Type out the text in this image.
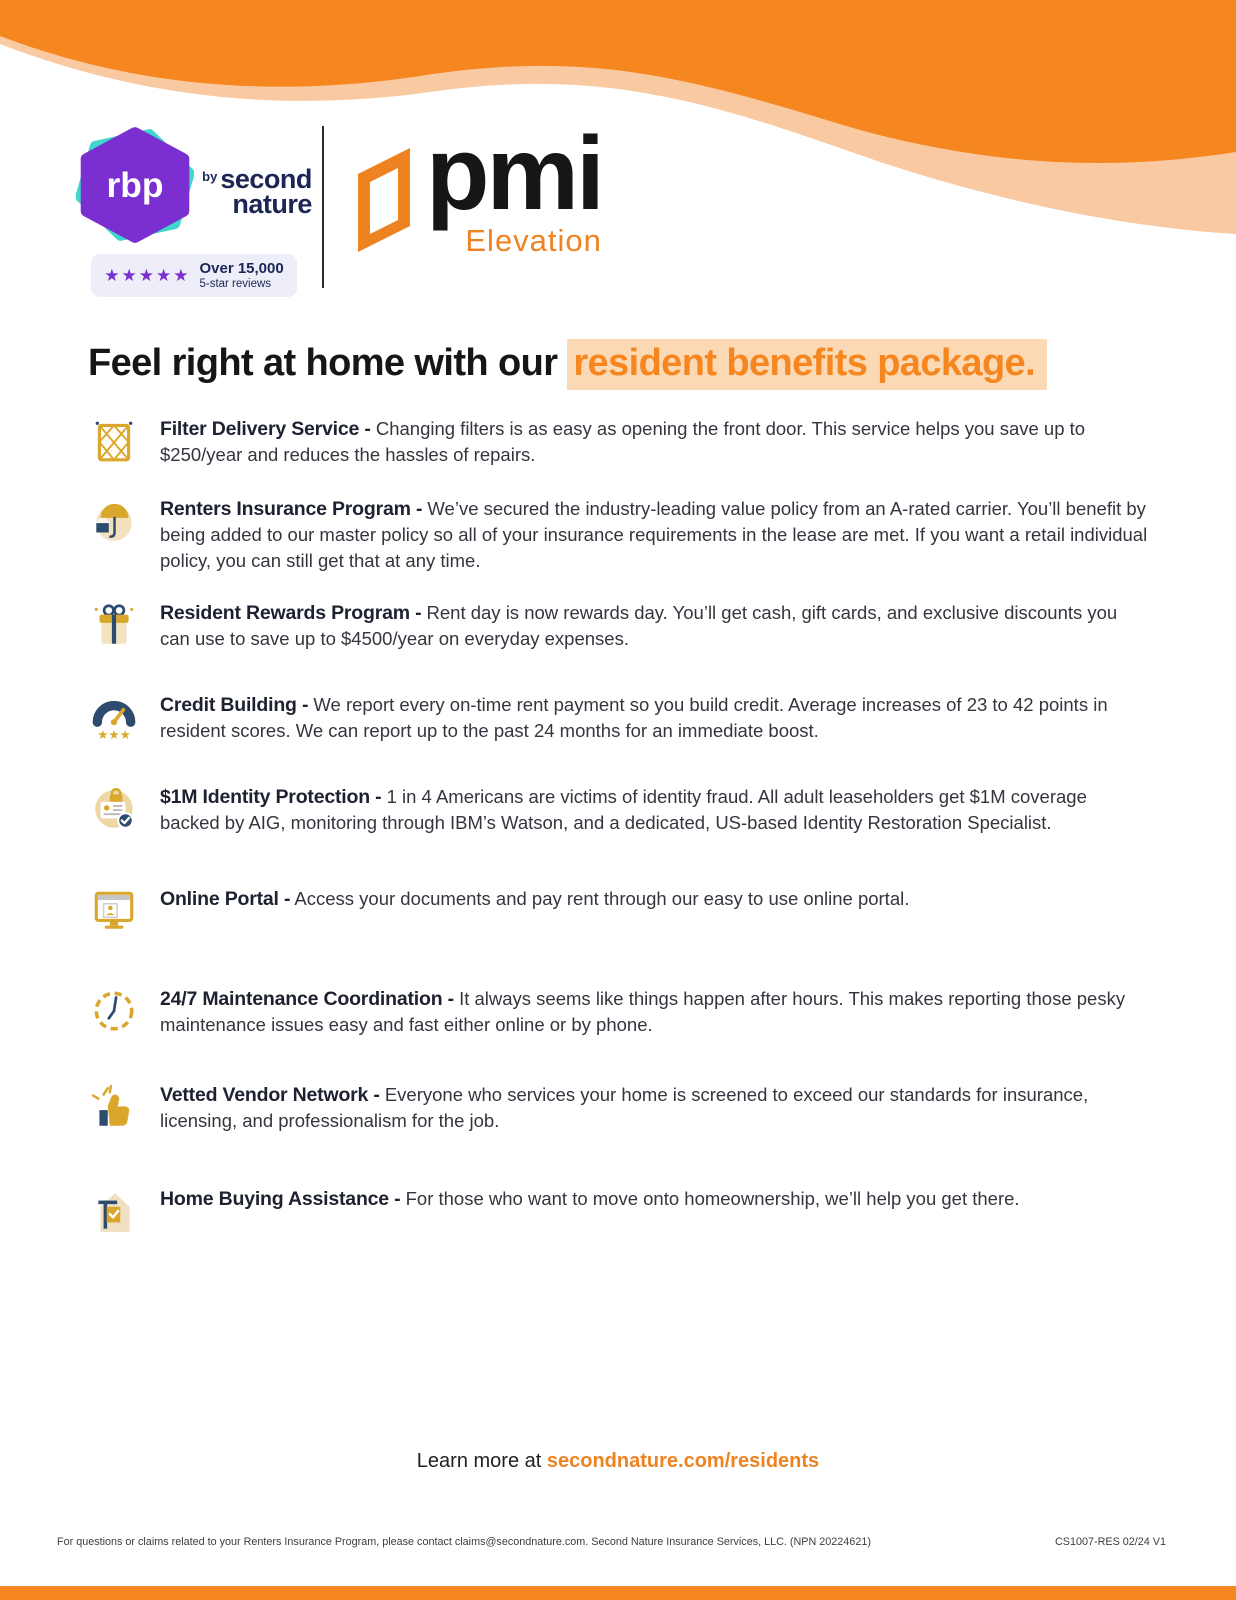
rbp	by second
nature
★★★★★ Over 15,000
5-star reviews
pmi
Elevation
Feel right at home with our resident benefits package.

Filter Delivery Service - Changing filters is as easy as opening the front door. This service helps you save up to $250/year and reduces the hassles of repairs.

Renters Insurance Program - We’ve secured the industry-leading value policy from an A-rated carrier. You’ll benefit by being added to our master policy so all of your insurance requirements in the lease are met. If you want a retail individual policy, you can still get that at any time.

Resident Rewards Program - Rent day is now rewards day. You’ll get cash, gift cards, and exclusive discounts you can use to save up to $4500/year on everyday expenses.

★★★

Credit Building - We report every on-time rent payment so you build credit. Average increases of 23 to 42 points in resident scores. We can report up to the past 24 months for an immediate boost.

$1M Identity Protection - 1 in 4 Americans are victims of identity fraud. All adult leaseholders get $1M coverage backed by AIG, monitoring through IBM’s Watson, and a dedicated, US-based Identity Restoration Specialist.

Online Portal - Access your documents and pay rent through our easy to use online portal.

24/7 Maintenance Coordination - It always seems like things happen after hours. This makes reporting those pesky maintenance issues easy and fast either online or by phone.

Vetted Vendor Network - Everyone who services your home is screened to exceed our standards for insurance, licensing, and professionalism for the job.

Home Buying Assistance - For those who want to move onto homeownership, we’ll help you get there.

Learn more at secondnature.com/residents
For questions or claims related to your Renters Insurance Program, please contact claims@secondnature.com. Second Nature Insurance Services, LLC. (NPN 20224621)	CS1007-RES 02/24 V1
